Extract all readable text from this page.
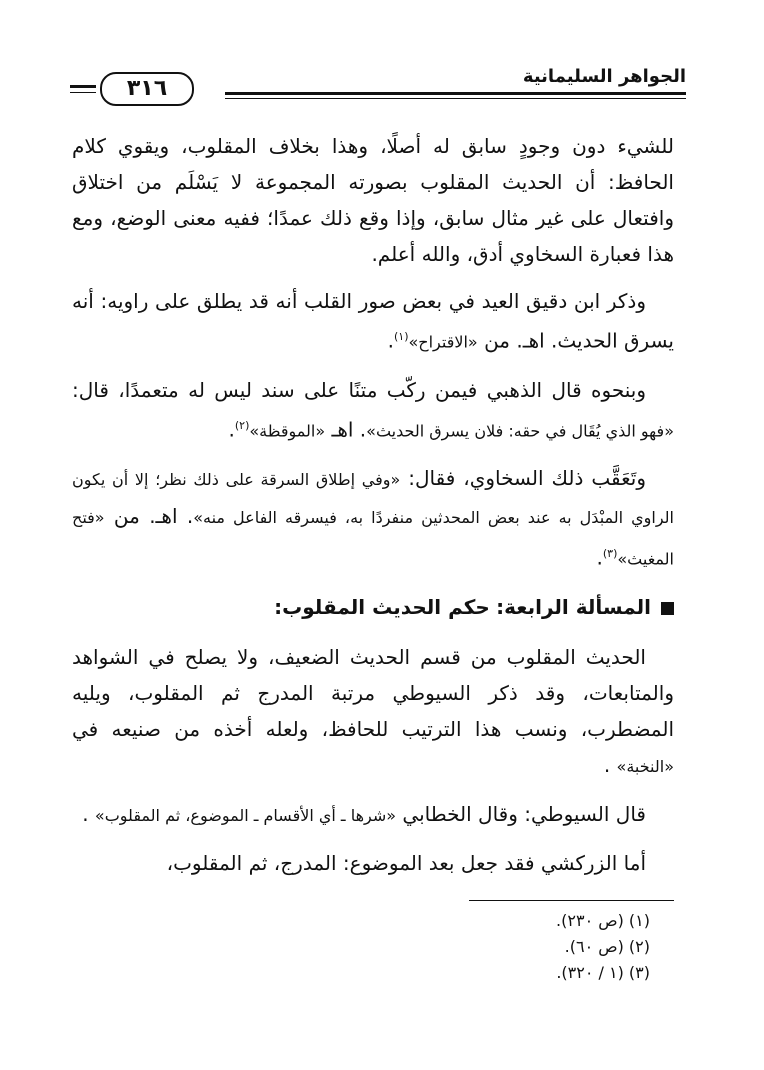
الجواهر السليمانية
٣١٦

للشيء دون وجودٍ سابق له أصلًا، وهذا بخلاف المقلوب، ويقوي كلام الحافظ: أن الحديث المقلوب بصورته المجموعة لا يَسْلَم من اختلاق وافتعال على غير مثال سابق، وإذا وقع ذلك عمدًا؛ ففيه معنى الوضع، ومع هذا فعبارة السخاوي أدق، والله أعلم.

وذكر ابن دقيق العيد في بعض صور القلب أنه قد يطلق على راويه: أنه يسرق الحديث. اهـ. من «الاقتراح»$^{(١)}$.

وبنحوه قال الذهبي فيمن ركّب متنًا على سند ليس له متعمدًا، قال: «فهو الذي يُقَال في حقه: فلان يسرق الحديث». اهـ «الموقظة»$^{(٢)}$.

وتَعَقَّب ذلك السخاوي، فقال: «وفي إطلاق السرقة على ذلك نظر؛ إلا أن يكون الراوي المبْدَل به عند بعض المحدثين منفردًا به، فيسرقه الفاعل منه». اهـ. من «فتح المغيث»$^{(٣)}$.

المسألة الرابعة: حكم الحديث المقلوب:

الحديث المقلوب من قسم الحديث الضعيف، ولا يصلح في الشواهد والمتابعات، وقد ذكر السيوطي مرتبة المدرج ثم المقلوب، ويليه المضطرب، ونسب هذا الترتيب للحافظ، ولعله أخذه من صنيعه في «النخبة» .

قال السيوطي: وقال الخطابي «شرها ـ أي الأقسام ـ الموضوع، ثم المقلوب» .

أما الزركشي فقد جعل بعد الموضوع: المدرج، ثم المقلوب،

(١) (ص ٢٣٠).

(٢) (ص ٦٠).

(٣) (١ / ٣٢٠).
